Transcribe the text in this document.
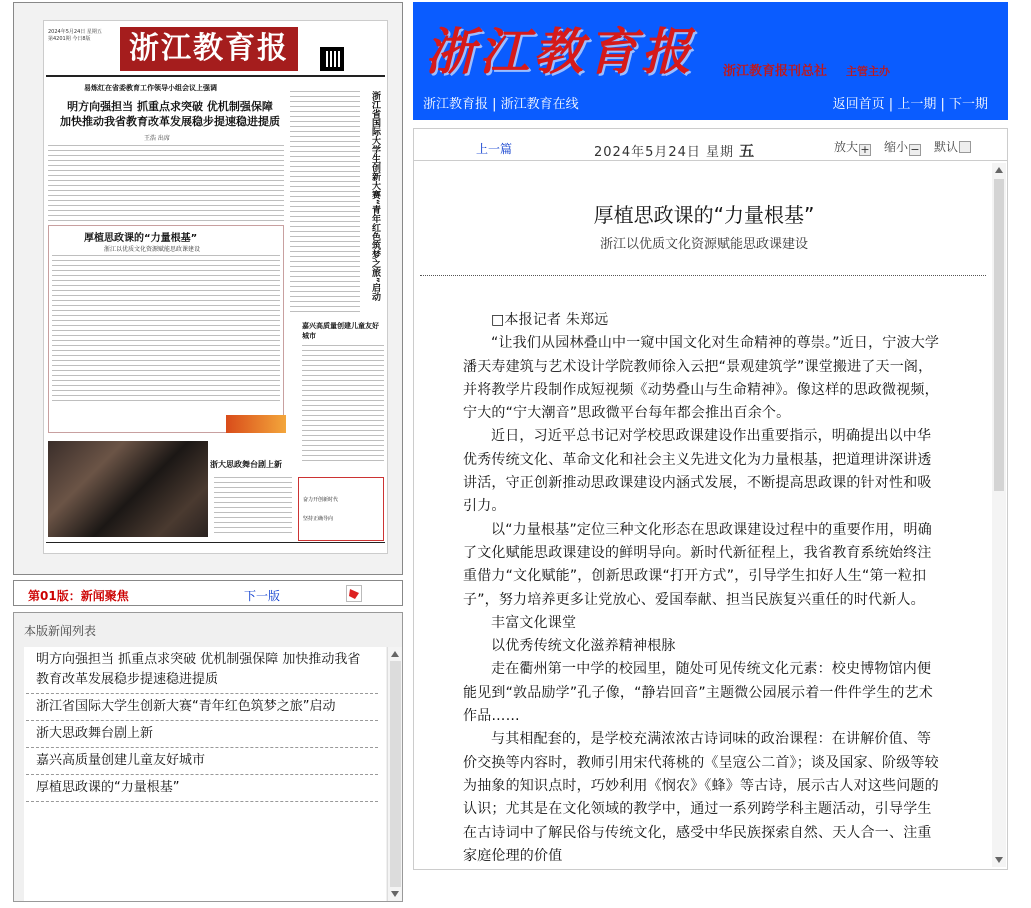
2024年5月24日 星期五
第4201期 今日8版	浙江教育报
易炼红在省委教育工作领导小组会议上强调
明方向强担当 抓重点求突破 优机制强保障
加快推动我省教育改革发展稳步提速稳进提质
王浩 出席	浙江省国际大学生创新大赛“青年红色筑梦之旅”启动
厚植思政课的“力量根基”
浙江以优质文化资源赋能思政课建设
嘉兴高质量创建儿童友好城市
浙大思政舞台剧上新
奋力开创新时代
坚持正确导向
第01版：新闻聚焦	下一版
本版新闻列表
明方向强担当 抓重点求突破 优机制强保障 加快推动我省教育改革发展稳步提速稳进提质
浙江省国际大学生创新大赛“青年红色筑梦之旅”启动
浙大思政舞台剧上新
嘉兴高质量创建儿童友好城市
厚植思政课的“力量根基”
浙江教育报 浙江教育报刊总社 主管主办
浙江教育报 | 浙江教育在线	返回首页 | 上一期 | 下一期
上一篇	2024年5月24日 星期 五	放大 + 缩小 − 默认
厚植思政课的“力量根基”
浙江以优质文化资源赋能思政课建设

□本报记者 朱郑远

“让我们从园林叠山中一窥中国文化对生命精神的尊崇。”近日，宁波大学潘天寿建筑与艺术设计学院教师徐入云把“景观建筑学”课堂搬进了天一阁，并将教学片段制作成短视频《动势叠山与生命精神》。像这样的思政微视频，宁大的“宁大潮音”思政微平台每年都会推出百余个。

近日，习近平总书记对学校思政课建设作出重要指示，明确提出以中华优秀传统文化、革命文化和社会主义先进文化为力量根基，把道理讲深讲透讲活，守正创新推动思政课建设内涵式发展，不断提高思政课的针对性和吸引力。

以“力量根基”定位三种文化形态在思政课建设过程中的重要作用，明确了文化赋能思政课建设的鲜明导向。新时代新征程上，我省教育系统始终注重借力“文化赋能”，创新思政课“打开方式”，引导学生扣好人生“第一粒扣子”，努力培养更多让党放心、爱国奉献、担当民族复兴重任的时代新人。

丰富文化课堂

以优秀传统文化滋养精神根脉

走在衢州第一中学的校园里，随处可见传统文化元素：校史博物馆内便能见到“敦品励学”孔子像，“静岩回音”主题微公园展示着一件件学生的艺术作品……

与其相配套的，是学校充满浓浓古诗词味的政治课程：在讲解价值、等价交换等内容时，教师引用宋代蒋桃的《呈寇公二首》；谈及国家、阶级等较为抽象的知识点时，巧妙利用《悯农》《蜂》等古诗，展示古人对这些问题的认识；尤其是在文化领域的教学中，通过一系列跨学科主题活动，引导学生在古诗词中了解民俗与传统文化，感受中华民族探索自然、天人合一、注重家庭伦理的价值
